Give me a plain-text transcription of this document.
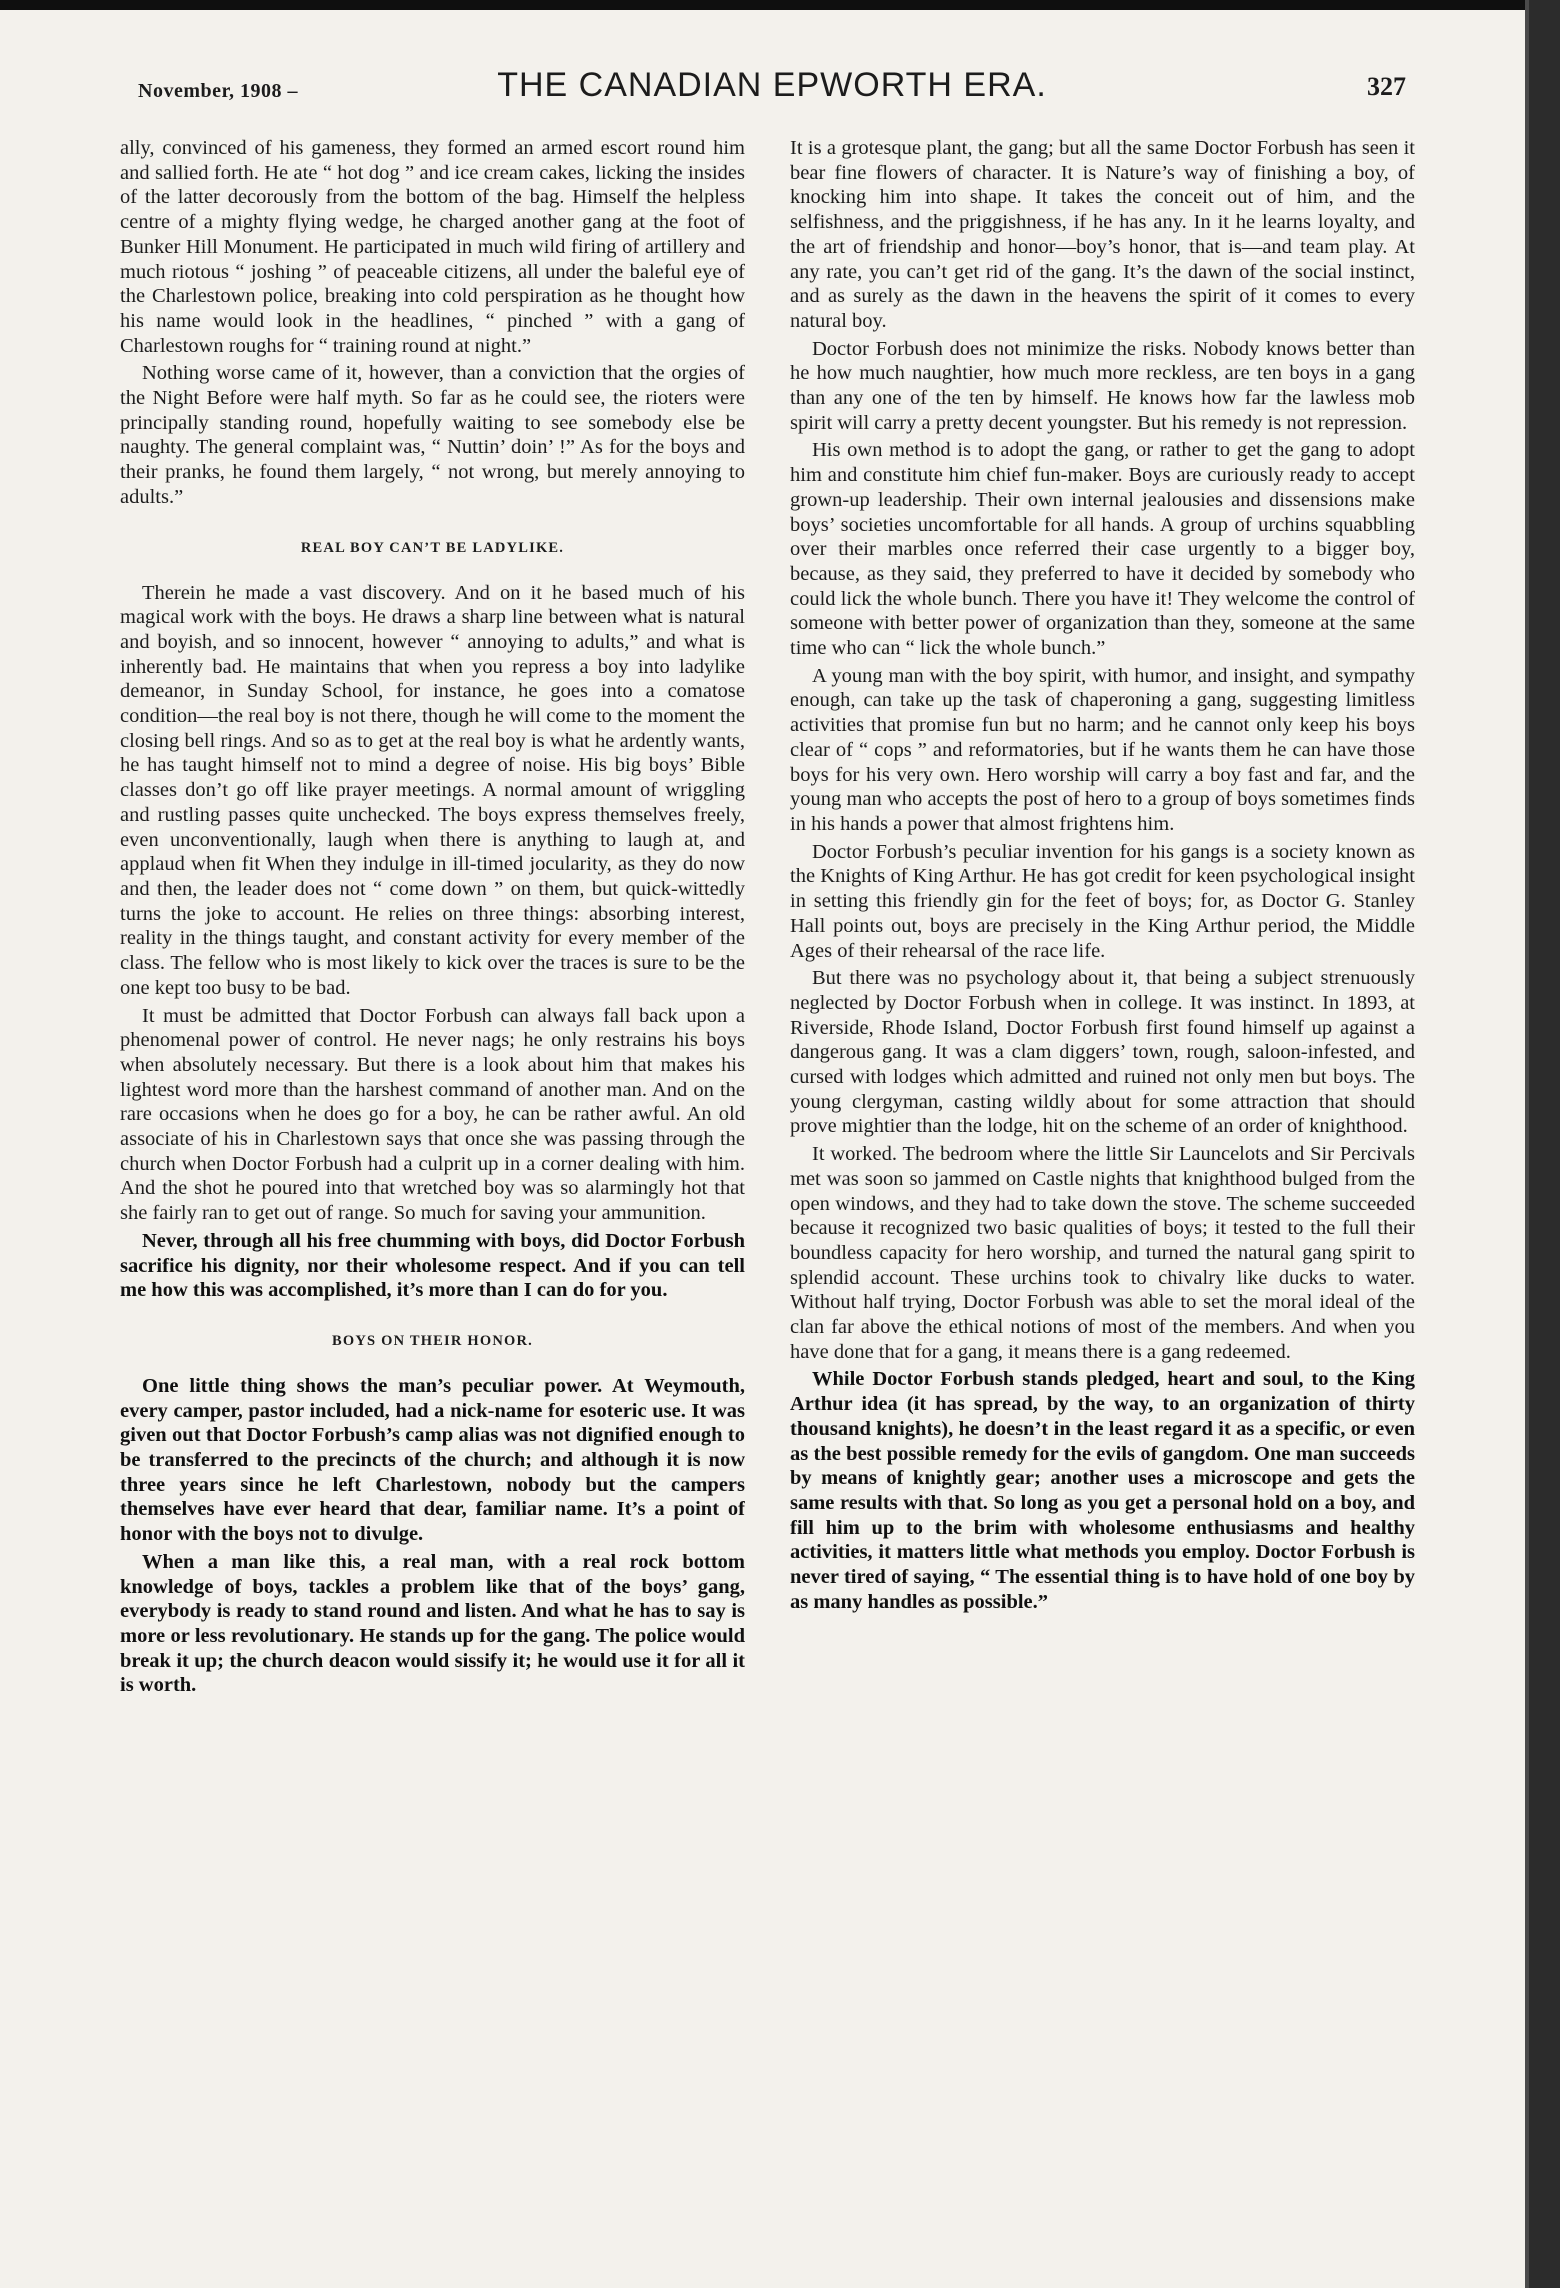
November, 1908 –	THE CANADIAN EPWORTH ERA.	327

ally, convinced of his gameness, they formed an armed escort round him and sallied forth. He ate “ hot dog ” and ice cream cakes, licking the insides of the latter decorously from the bottom of the bag. Himself the helpless centre of a mighty flying wedge, he charged another gang at the foot of Bunker Hill Monument. He participated in much wild firing of artillery and much riotous “ joshing ” of peaceable citizens, all under the baleful eye of the Charlestown police, breaking into cold perspiration as he thought how his name would look in the headlines, “ pinched ” with a gang of Charlestown roughs for “ training round at night.”

Nothing worse came of it, however, than a conviction that the orgies of the Night Before were half myth. So far as he could see, the rioters were principally standing round, hopefully waiting to see somebody else be naughty. The general complaint was, “ Nuttin’ doin’ !” As for the boys and their pranks, he found them largely, “ not wrong, but merely annoying to adults.”

REAL BOY CAN’T BE LADYLIKE.

Therein he made a vast discovery. And on it he based much of his magical work with the boys. He draws a sharp line between what is natural and boyish, and so innocent, however “ annoying to adults,” and what is inherently bad. He maintains that when you repress a boy into ladylike demeanor, in Sunday School, for instance, he goes into a comatose condition—the real boy is not there, though he will come to the moment the closing bell rings. And so as to get at the real boy is what he ardently wants, he has taught himself not to mind a degree of noise. His big boys’ Bible classes don’t go off like prayer meetings. A normal amount of wriggling and rustling passes quite unchecked. The boys express themselves freely, even unconventionally, laugh when there is anything to laugh at, and applaud when fit When they indulge in ill-timed jocularity, as they do now and then, the leader does not “ come down ” on them, but quick-wittedly turns the joke to account. He relies on three things: absorbing interest, reality in the things taught, and constant activity for every member of the class. The fellow who is most likely to kick over the traces is sure to be the one kept too busy to be bad.

It must be admitted that Doctor Forbush can always fall back upon a phenomenal power of control. He never nags; he only restrains his boys when absolutely necessary. But there is a look about him that makes his lightest word more than the harshest command of another man. And on the rare occasions when he does go for a boy, he can be rather awful. An old associate of his in Charlestown says that once she was passing through the church when Doctor Forbush had a culprit up in a corner dealing with him. And the shot he poured into that wretched boy was so alarmingly hot that she fairly ran to get out of range. So much for saving your ammunition.

Never, through all his free chumming with boys, did Doctor Forbush sacrifice his dignity, nor their wholesome respect. And if you can tell me how this was accomplished, it’s more than I can do for you.

BOYS ON THEIR HONOR.

One little thing shows the man’s peculiar power. At Weymouth, every camper, pastor included, had a nick-name for esoteric use. It was given out that Doctor Forbush’s camp alias was not dignified enough to be transferred to the precincts of the church; and although it is now three years since he left Charlestown, nobody but the campers themselves have ever heard that dear, familiar name. It’s a point of honor with the boys not to divulge.

When a man like this, a real man, with a real rock bottom knowledge of boys, tackles a problem like that of the boys’ gang, everybody is ready to stand round and listen. And what he has to say is more or less revolutionary. He stands up for the gang. The police would break it up; the church deacon would sissify it; he would use it for all it is worth.

It is a grotesque plant, the gang; but all the same Doctor Forbush has seen it bear fine flowers of character. It is Nature’s way of finishing a boy, of knocking him into shape. It takes the conceit out of him, and the selfishness, and the priggishness, if he has any. In it he learns loyalty, and the art of friendship and honor—boy’s honor, that is—and team play. At any rate, you can’t get rid of the gang. It’s the dawn of the social instinct, and as surely as the dawn in the heavens the spirit of it comes to every natural boy.

Doctor Forbush does not minimize the risks. Nobody knows better than he how much naughtier, how much more reckless, are ten boys in a gang than any one of the ten by himself. He knows how far the lawless mob spirit will carry a pretty decent youngster. But his remedy is not repression.

His own method is to adopt the gang, or rather to get the gang to adopt him and constitute him chief fun-maker. Boys are curiously ready to accept grown-up leadership. Their own internal jealousies and dissensions make boys’ societies uncomfortable for all hands. A group of urchins squabbling over their marbles once referred their case urgently to a bigger boy, because, as they said, they preferred to have it decided by somebody who could lick the whole bunch. There you have it! They welcome the control of someone with better power of organization than they, someone at the same time who can “ lick the whole bunch.”

A young man with the boy spirit, with humor, and insight, and sympathy enough, can take up the task of chaperoning a gang, suggesting limitless activities that promise fun but no harm; and he cannot only keep his boys clear of “ cops ” and reformatories, but if he wants them he can have those boys for his very own. Hero worship will carry a boy fast and far, and the young man who accepts the post of hero to a group of boys sometimes finds in his hands a power that almost frightens him.

Doctor Forbush’s peculiar invention for his gangs is a society known as the Knights of King Arthur. He has got credit for keen psychological insight in setting this friendly gin for the feet of boys; for, as Doctor G. Stanley Hall points out, boys are precisely in the King Arthur period, the Middle Ages of their rehearsal of the race life.

But there was no psychology about it, that being a subject strenuously neglected by Doctor Forbush when in college. It was instinct. In 1893, at Riverside, Rhode Island, Doctor Forbush first found himself up against a dangerous gang. It was a clam diggers’ town, rough, saloon-infested, and cursed with lodges which admitted and ruined not only men but boys. The young clergyman, casting wildly about for some attraction that should prove mightier than the lodge, hit on the scheme of an order of knighthood.

It worked. The bedroom where the little Sir Launcelots and Sir Percivals met was soon so jammed on Castle nights that knighthood bulged from the open windows, and they had to take down the stove. The scheme succeeded because it recognized two basic qualities of boys; it tested to the full their boundless capacity for hero worship, and turned the natural gang spirit to splendid account. These urchins took to chivalry like ducks to water. Without half trying, Doctor Forbush was able to set the moral ideal of the clan far above the ethical notions of most of the members. And when you have done that for a gang, it means there is a gang redeemed.

While Doctor Forbush stands pledged, heart and soul, to the King Arthur idea (it has spread, by the way, to an organization of thirty thousand knights), he doesn’t in the least regard it as a specific, or even as the best possible remedy for the evils of gangdom. One man succeeds by means of knightly gear; another uses a microscope and gets the same results with that. So long as you get a personal hold on a boy, and fill him up to the brim with wholesome enthusiasms and healthy activities, it matters little what methods you employ. Doctor Forbush is never tired of saying, “ The essential thing is to have hold of one boy by as many handles as possible.”
